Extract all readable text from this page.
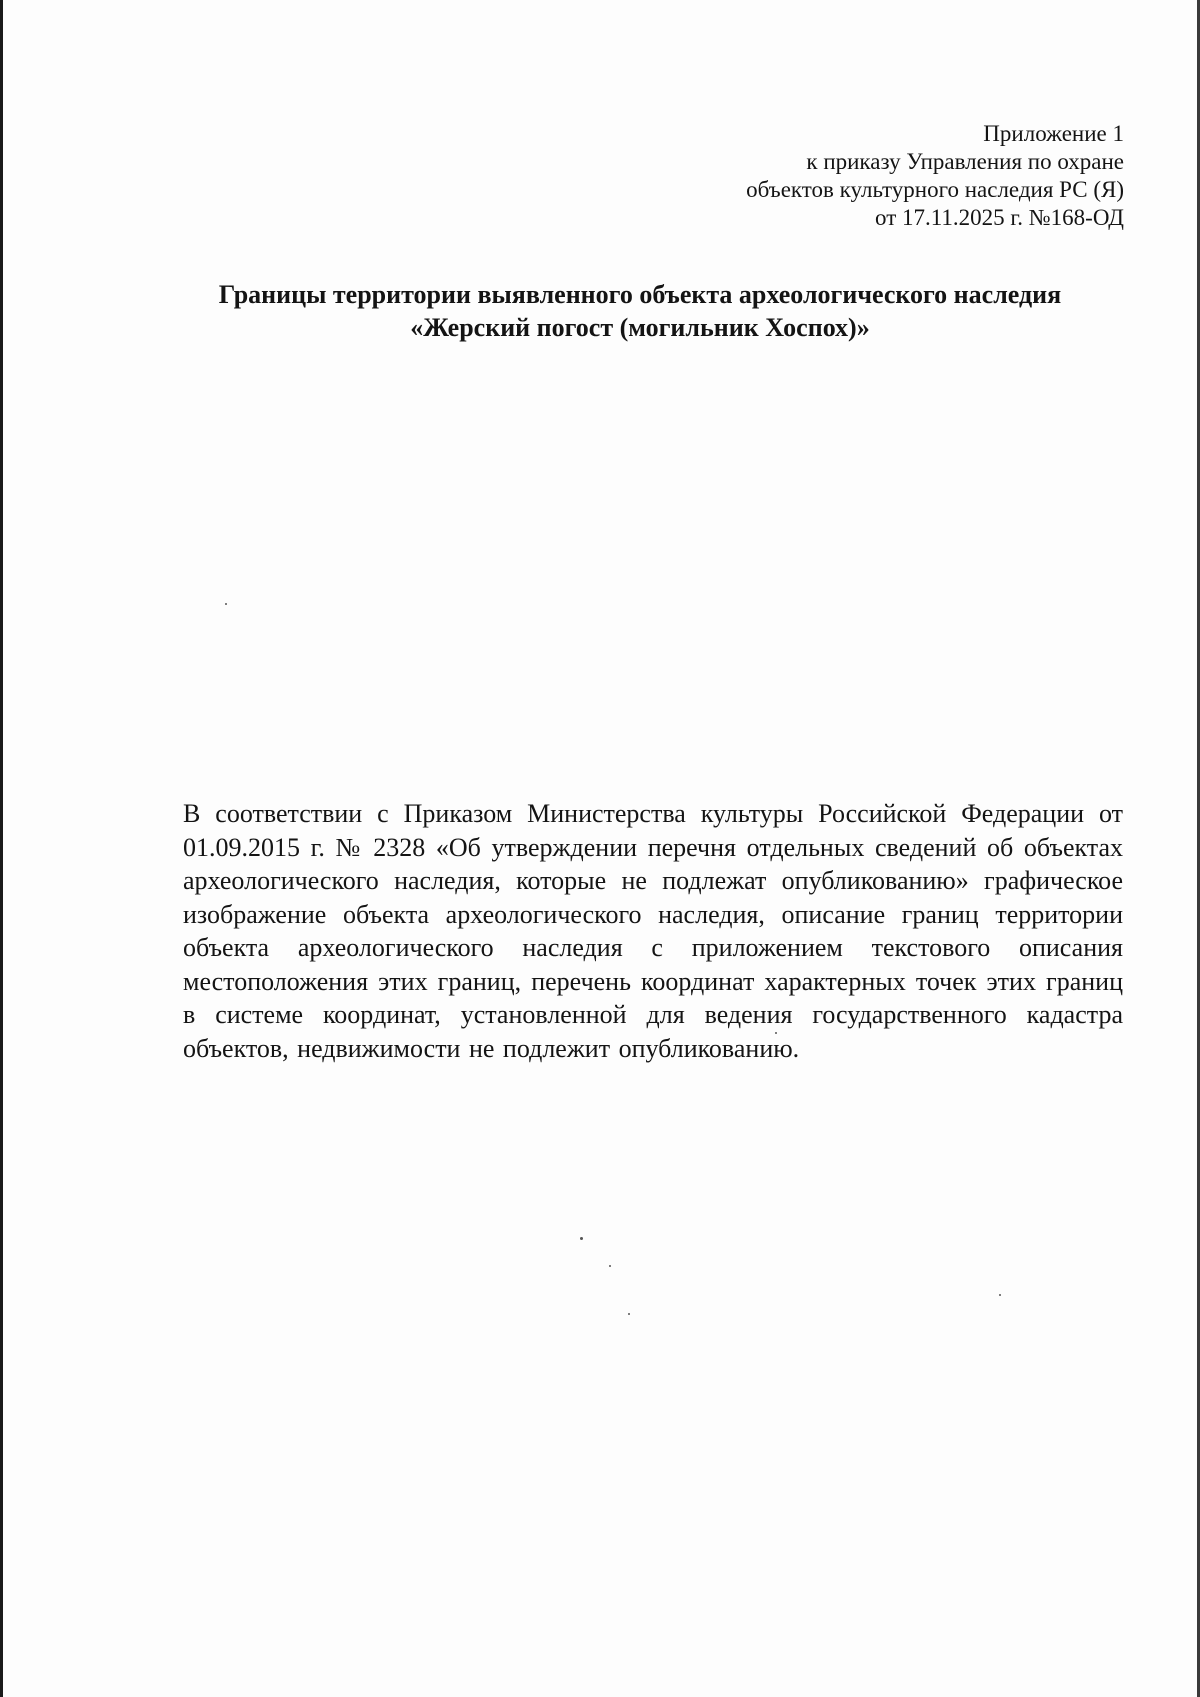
Приложение 1
к приказу Управления по охране
объектов культурного наследия РС (Я)
от 17.11.2025 г. №168-ОД
Границы территории выявленного объекта археологического наследия
«Жерский погост (могильник Хоспох)»

В соответствии с Приказом Министерства культуры Российской Федерации от 01.09.2015 г. № 2328 «Об утверждении перечня отдельных сведений об объектах археологического наследия, которые не подлежат опубликованию» графическое изображение объекта археологического наследия, описание границ территории объекта археологического наследия с приложением текстового описания местоположения этих границ, перечень координат характерных точек этих границ в системе координат, установленной для ведения государственного кадастра объектов, недвижимости не подлежит опубликованию.
